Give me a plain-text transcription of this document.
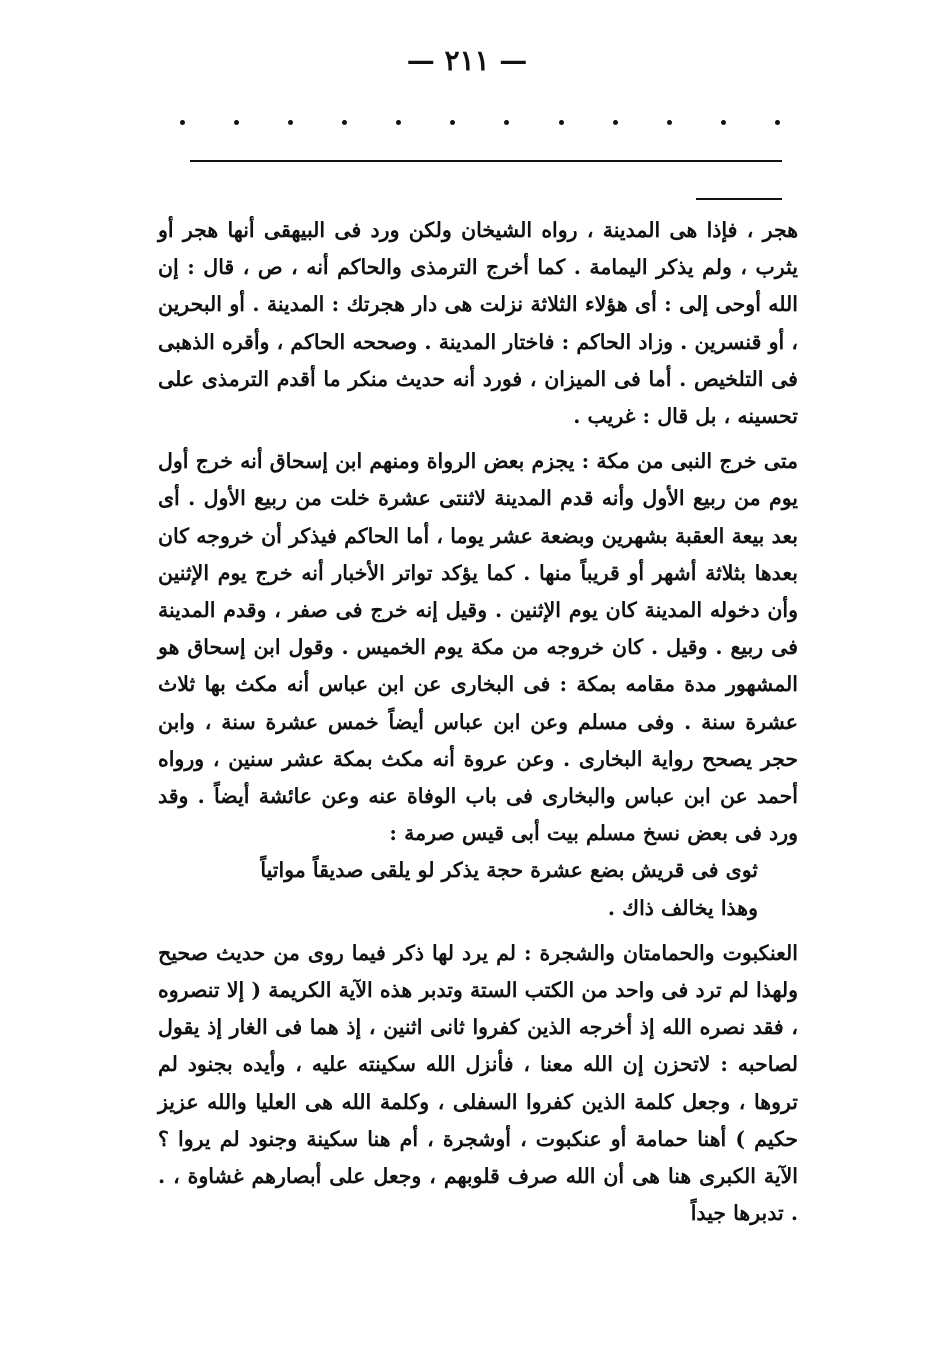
— ٢١١ —

هجر ، فإذا هى المدينة ، رواه الشيخان ولكن ورد فى البيهقى أنها هجر أو يثرب ، ولم يذكر اليمامة . كما أخرج الترمذى والحاكم أنه ، ص ، قال : إن الله أوحى إلى : أى هؤلاء الثلاثة نزلت هى دار هجرتك : المدينة . أو البحرين ، أو قنسرين . وزاد الحاكم : فاختار المدينة . وصححه الحاكم ، وأقره الذهبى فى التلخيص . أما فى الميزان ، فورد أنه حديث منكر ما أقدم الترمذى على تحسينه ، بل قال : غريب .

متى خرج النبى من مكة : يجزم بعض الرواة ومنهم ابن إسحاق أنه خرج أول يوم من ربيع الأول وأنه قدم المدينة لاثنتى عشرة خلت من ربيع الأول . أى بعد بيعة العقبة بشهرين وبضعة عشر يوما ، أما الحاكم فيذكر أن خروجه كان بعدها بثلاثة أشهر أو قريباً منها . كما يؤكد تواتر الأخبار أنه خرج يوم الإثنين وأن دخوله المدينة كان يوم الإثنين . وقيل إنه خرج فى صفر ، وقدم المدينة فى ربيع . وقيل . كان خروجه من مكة يوم الخميس . وقول ابن إسحاق هو المشهور مدة مقامه بمكة : فى البخارى عن ابن عباس أنه مكث بها ثلاث عشرة سنة . وفى مسلم وعن ابن عباس أيضاً خمس عشرة سنة ، وابن حجر يصحح رواية البخارى . وعن عروة أنه مكث بمكة عشر سنين ، ورواه أحمد عن ابن عباس والبخارى فى باب الوفاة عنه وعن عائشة أيضاً . وقد ورد فى بعض نسخ مسلم بيت أبى قيس صرمة :

ثوى فى قريش بضع عشرة حجة يذكر لو يلقى صديقاً مواتياً
وهذا يخالف ذاك .

العنكبوت والحمامتان والشجرة : لم يرد لها ذكر فيما روى من حديث صحيح ولهذا لم ترد فى واحد من الكتب الستة وتدبر هذه الآية الكريمة ( إلا تنصروه ، فقد نصره الله إذ أخرجه الذين كفروا ثانى اثنين ، إذ هما فى الغار إذ يقول لصاحبه : لاتحزن إن الله معنا ، فأنزل الله سكينته عليه ، وأيده بجنود لم تروها ، وجعل كلمة الذين كفروا السفلى ، وكلمة الله هى العليا والله عزيز حكيم ) أهنا حمامة أو عنكبوت ، أوشجرة ، أم هنا سكينة وجنود لم يروا ؟ الآية الكبرى هنا هى أن الله صرف قلوبهم ، وجعل على أبصارهم غشاوة ، . . تدبرها جيداً
